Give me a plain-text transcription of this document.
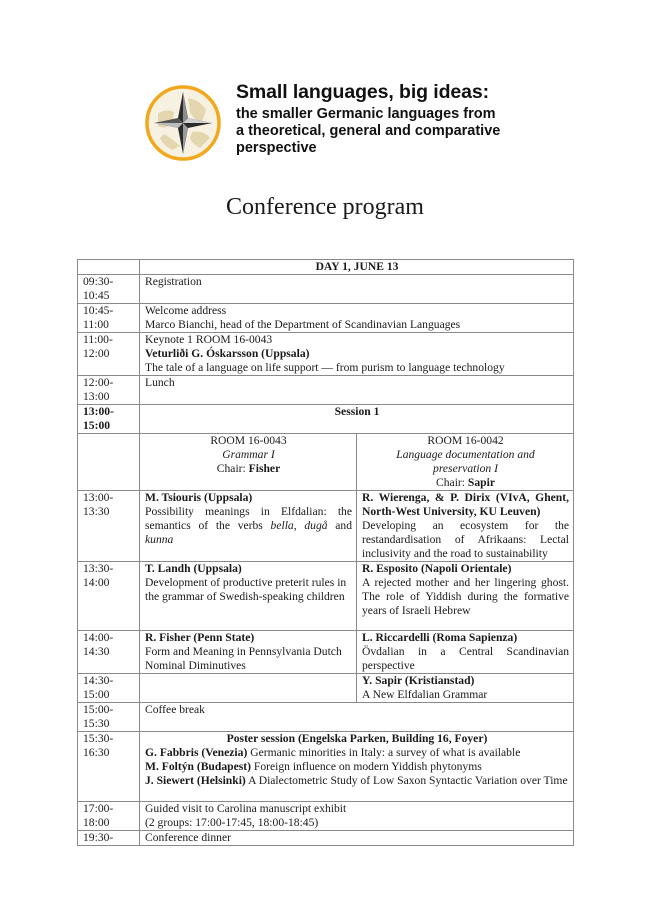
Small languages, big ideas:
the smaller Germanic languages from
a theoretical, general and comparative
perspective
Conference program
	DAY 1, JUNE 13	

09:30-
10:45	Registration	

10:45-
11:00	Welcome address
Marco Bianchi, head of the Department of Scandinavian Languages	

11:00-
12:00	Keynote 1 ROOM 16-0043
Veturliði G. Óskarsson (Uppsala)
The tale of a language on life support — from purism to language technology	

12:00-
13:00	Lunch	

13:00-
15:00	Session 1	

	ROOM 16-0043
Grammar I
Chair: Fisher	ROOM 16-0042
Language documentation and
preservation I
Chair: Sapir

13:00-
13:30	M. Tsiouris (Uppsala)
Possibility meanings in Elfdalian: the semantics of the verbs bella, dugå and kunna	R. Wierenga, & P. Dirix (VIvA, Ghent, North-West University, KU Leuven)
Developing an ecosystem for the restandardisation of Afrikaans: Lectal inclusivity and the road to sustainability

13:30-
14:00	T. Landh (Uppsala)
Development of productive preterit rules in the grammar of Swedish-speaking children	R. Esposito (Napoli Orientale)
A rejected mother and her lingering ghost. The role of Yiddish during the formative years of Israeli Hebrew

14:00-
14:30	R. Fisher (Penn State)
Form and Meaning in Pennsylvania Dutch Nominal Diminutives	L. Riccardelli (Roma Sapienza)
Övdalian in a Central Scandinavian perspective

14:30-
15:00		Y. Sapir (Kristianstad)
A New Elfdalian Grammar

15:00-
15:30	Coffee break	

15:30-
16:30	Poster session (Engelska Parken, Building 16, Foyer)
G. Fabbris (Venezia) Germanic minorities in Italy: a survey of what is available
M. Foltýn (Budapest) Foreign influence on modern Yiddish phytonyms
J. Siewert (Helsinki) A Dialectometric Study of Low Saxon Syntactic Variation over Time	

17:00-
18:00	Guided visit to Carolina manuscript exhibit
(2 groups: 17:00-17:45, 18:00-18:45)	

19:30-	Conference dinner	
